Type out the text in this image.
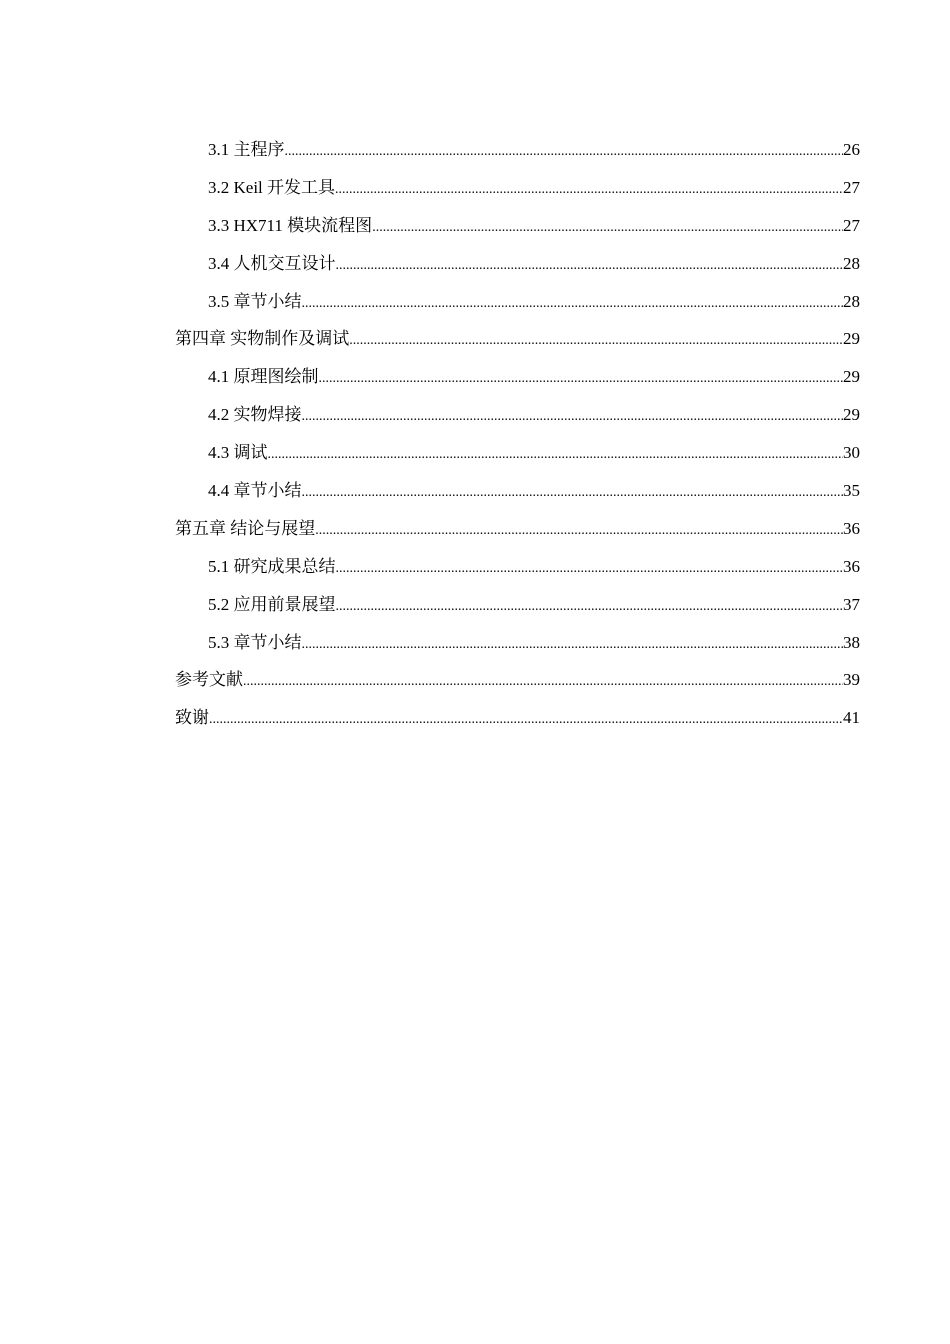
3.1 主程序 .....	26
3.2 Keil 开发工具 .....	27
3.3 HX711 模块流程图 .....	27
3.4 人机交互设计 .....	28
3.5 章节小结 .....	28
第四章 实物制作及调试 .....	29
4.1 原理图绘制 .....	29
4.2 实物焊接 .....	29
4.3 调试 .....	30
4.4 章节小结 .....	35
第五章 结论与展望 .....	36
5.1 研究成果总结 .....	36
5.2 应用前景展望 .....	37
5.3 章节小结 .....	38
参考文献 .....	39
致谢 .....	41
